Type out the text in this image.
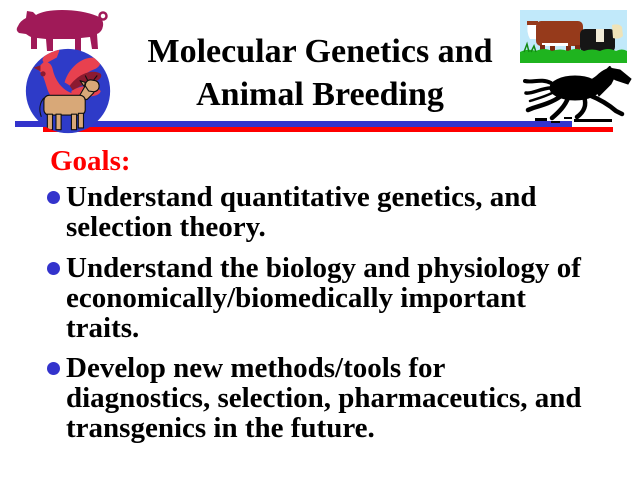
Molecular Genetics and
Animal Breeding
Goals:
Understand quantitative genetics, and
selection theory.
Understand the biology and physiology of
economically/biomedically important
traits.
Develop new methods/tools for
diagnostics, selection, pharmaceutics, and
transgenics in the future.
